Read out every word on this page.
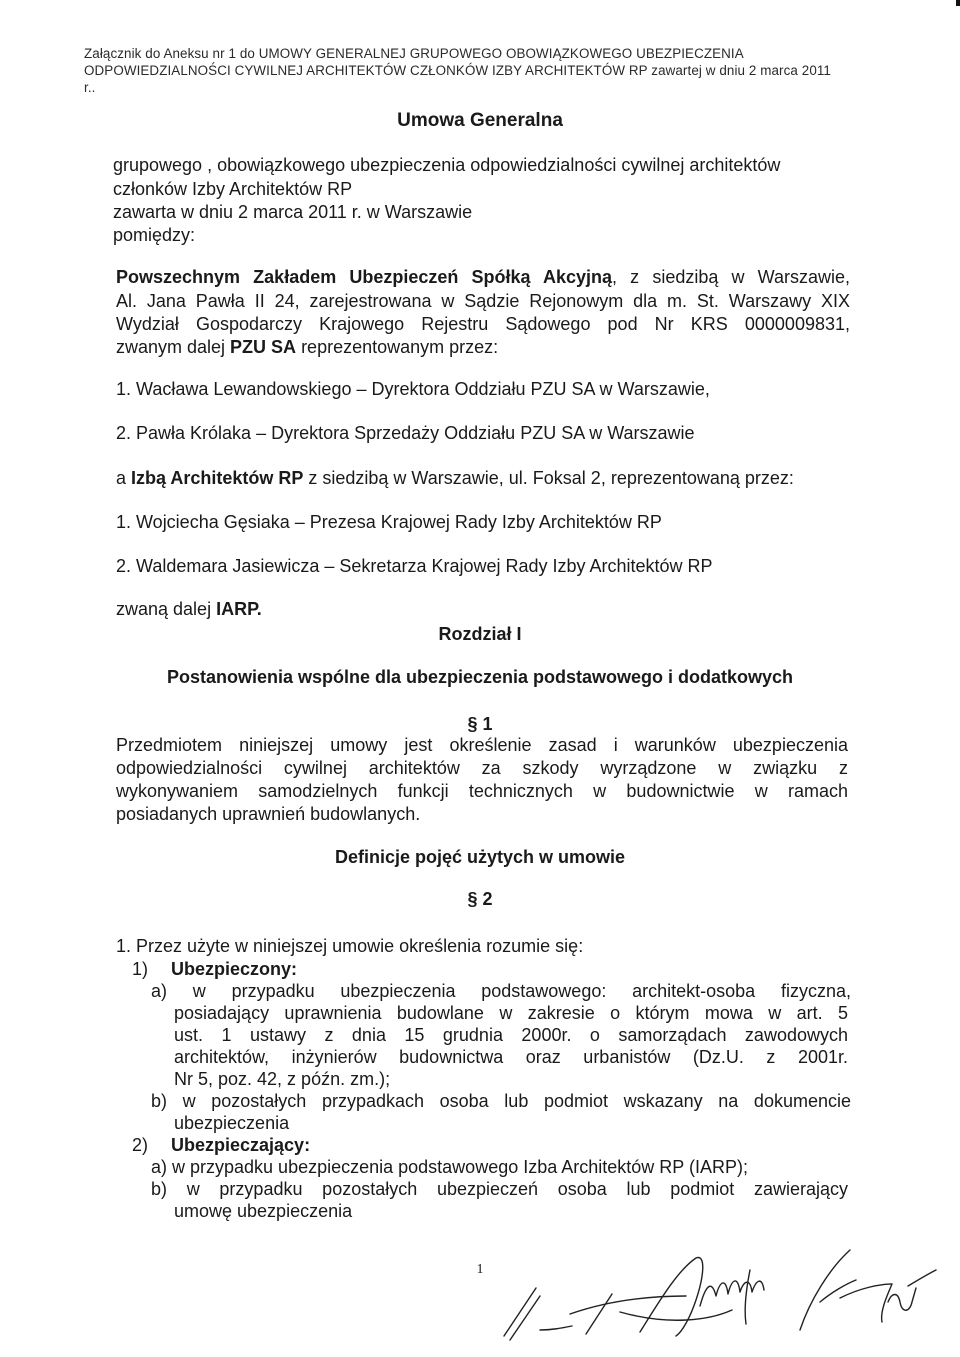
Załącznik do Aneksu nr 1 do UMOWY GENERALNEJ GRUPOWEGO OBOWIĄZKOWEGO UBEZPIECZENIA ODPOWIEDZIALNOŚCI CYWILNEJ ARCHITEKTÓW CZŁONKÓW IZBY ARCHITEKTÓW RP zawartej w dniu 2 marca 2011 r..
Umowa Generalna
grupowego , obowiązkowego ubezpieczenia odpowiedzialności cywilnej architektów
członków Izby Architektów RP
zawarta w dniu 2 marca 2011 r. w Warszawie
pomiędzy:
Powszechnym Zakładem Ubezpieczeń Spółką Akcyjną, z siedzibą w Warszawie,
Al. Jana Pawła II 24, zarejestrowana w Sądzie Rejonowym dla m. St. Warszawy XIX
Wydział Gospodarczy Krajowego Rejestru Sądowego pod Nr KRS 0000009831,
zwanym dalej PZU SA reprezentowanym przez:
1. Wacława Lewandowskiego – Dyrektora Oddziału PZU SA w Warszawie,
2. Pawła Królaka – Dyrektora Sprzedaży Oddziału PZU SA w Warszawie
a Izbą Architektów RP z siedzibą w Warszawie, ul. Foksal 2, reprezentowaną przez:
1. Wojciecha Gęsiaka – Prezesa Krajowej Rady Izby Architektów RP
2. Waldemara Jasiewicza – Sekretarza Krajowej Rady Izby Architektów RP
zwaną dalej IARP.
Rozdział I
Postanowienia wspólne dla ubezpieczenia podstawowego i dodatkowych
§ 1
Przedmiotem niniejszej umowy jest określenie zasad i warunków ubezpieczenia
odpowiedzialności cywilnej architektów za szkody wyrządzone w związku z
wykonywaniem samodzielnych funkcji technicznych w budownictwie w ramach
posiadanych uprawnień budowlanych.
Definicje pojęć użytych w umowie
§ 2
1. Przez użyte w niniejszej umowie określenia rozumie się:
1)	Ubezpieczony:
a) w przypadku ubezpieczenia podstawowego: architekt-osoba fizyczna,
posiadający uprawnienia budowlane w zakresie o którym mowa w art. 5
ust. 1 ustawy z dnia 15 grudnia 2000r. o samorządach zawodowych
architektów, inżynierów budownictwa oraz urbanistów (Dz.U. z 2001r.
Nr 5, poz. 42, z późn. zm.);
b) w pozostałych przypadkach osoba lub podmiot wskazany na dokumencie
ubezpieczenia
2)	Ubezpieczający:
a) w przypadku ubezpieczenia podstawowego Izba Architektów RP (IARP);
b) w przypadku pozostałych ubezpieczeń osoba lub podmiot zawierający
umowę ubezpieczenia
1
